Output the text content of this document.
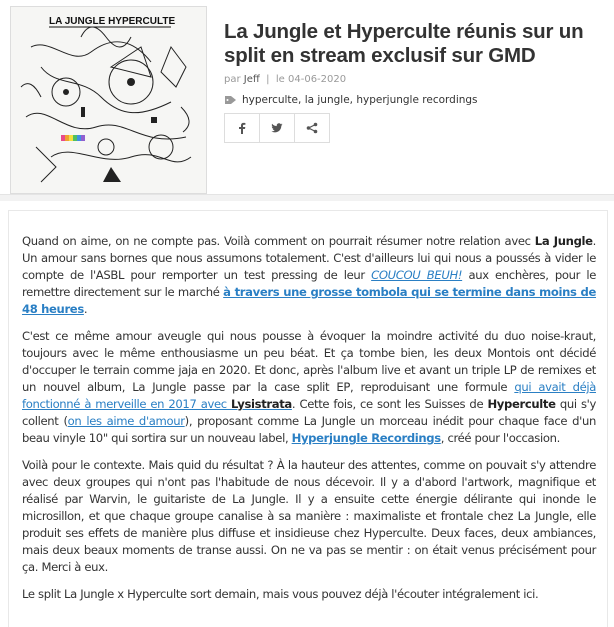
LA JUNGLE HYPERCULTE La Jungle et Hyperculte réunis sur un split en stream exclusif sur GMD
par Jeff  |  le 04-06-2020
hyperculte, la jungle, hyperjungle recordings

Quand on aime, on ne compte pas. Voilà comment on pourrait résumer notre relation avec La Jungle. Un amour sans bornes que nous assumons totalement. C'est d'ailleurs lui qui nous a poussés à vider le compte de l'ASBL pour remporter un test pressing de leur COUCOU BEUH! aux enchères, pour le remettre directement sur le marché à travers une grosse tombola qui se termine dans moins de 48 heures.

C'est ce même amour aveugle qui nous pousse à évoquer la moindre activité du duo noise-kraut, toujours avec le même enthousiasme un peu béat. Et ça tombe bien, les deux Montois ont décidé d'occuper le terrain comme jaja en 2020. Et donc, après l'album live et avant un triple LP de remixes et un nouvel album, La Jungle passe par la case split EP, reproduisant une formule qui avait déjà fonctionné à merveille en 2017 avec Lysistrata. Cette fois, ce sont les Suisses de Hyperculte qui s'y collent (on les aime d'amour), proposant comme La Jungle un morceau inédit pour chaque face d'un beau vinyle 10" qui sortira sur un nouveau label, Hyperjungle Recordings, créé pour l'occasion.

Voilà pour le contexte. Mais quid du résultat ? À la hauteur des attentes, comme on pouvait s'y attendre avec deux groupes qui n'ont pas l'habitude de nous décevoir. Il y a d'abord l'artwork, magnifique et réalisé par Warvin, le guitariste de La Jungle. Il y a ensuite cette énergie délirante qui inonde le microsillon, et que chaque groupe canalise à sa manière : maximaliste et frontale chez La Jungle, elle produit ses effets de manière plus diffuse et insidieuse chez Hyperculte. Deux faces, deux ambiances, mais deux beaux moments de transe aussi. On ne va pas se mentir : on était venus précisément pour ça. Merci à eux.

Le split La Jungle x Hyperculte sort demain, mais vous pouvez déjà l'écouter intégralement ici.
